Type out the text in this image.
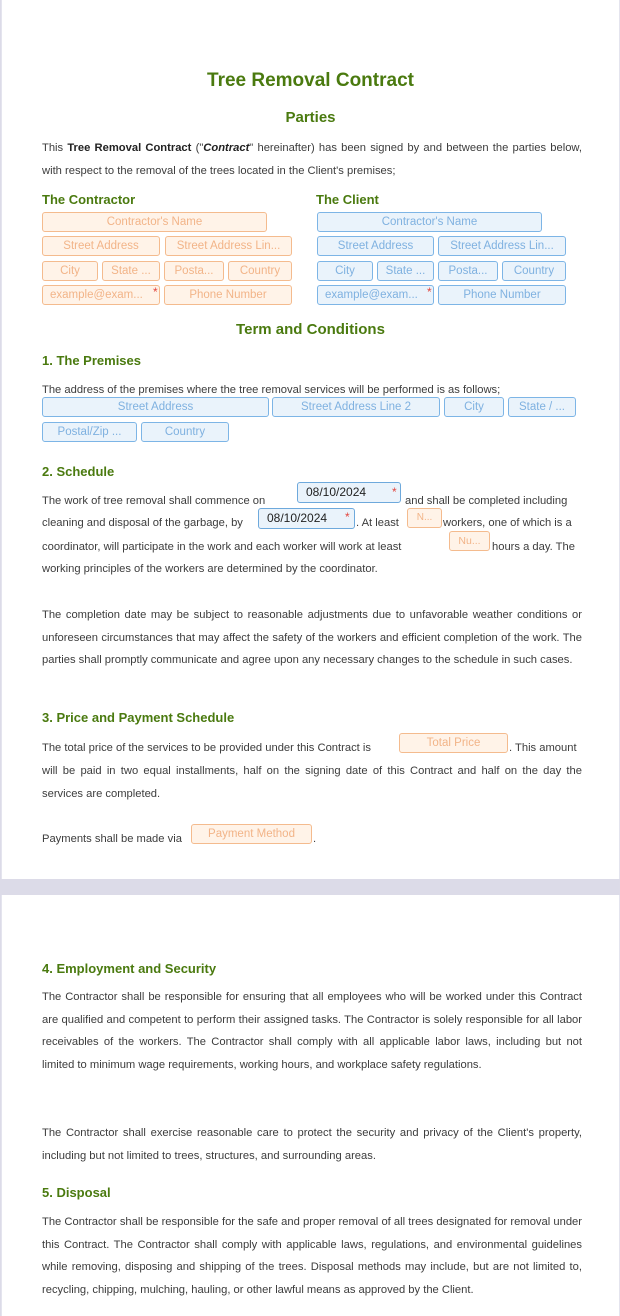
Tree Removal Contract
Parties
This Tree Removal Contract ("Contract" hereinafter) has been signed by and between the parties below, with respect to the removal of the trees located in the Client's premises;
The Contractor
Contractor's Name
Street Address	Street Address Lin...
City	State ...	Posta...	Country
example@exam... *	Phone Number
The Client
Contractor's Name
Street Address	Street Address Lin...
City	State ...	Posta...	Country
example@exam... *	Phone Number
Term and Conditions
1. The Premises
The address of the premises where the tree removal services will be performed is as follows;
Street Address	Street Address Line 2	City	State / ...
Postal/Zip ...	Country
2. Schedule
The work of tree removal shall commence on
08/10/2024	*
and shall be completed including
cleaning and disposal of the garbage, by	08/10/2024	* . At least	N... workers, one of which is a
coordinator, will participate in the work and each worker will work at least	Nu...	hours a day. The
working principles of the workers are determined by the coordinator.
The completion date may be subject to reasonable adjustments due to unfavorable weather conditions or unforeseen circumstances that may affect the safety of the workers and efficient completion of the work. The parties shall promptly communicate and agree upon any necessary changes to the schedule in such cases.
3. Price and Payment Schedule
The total price of the services to be provided under this Contract is	Total Price	. This amount
will be paid in two equal installments, half on the signing date of this Contract and half on the day the services are completed.
Payments shall be made via	Payment Method	.
4. Employment and Security
The Contractor shall be responsible for ensuring that all employees who will be worked under this Contract are qualified and competent to perform their assigned tasks. The Contractor is solely responsible for all labor receivables of the workers. The Contractor shall comply with all applicable labor laws, including but not limited to minimum wage requirements, working hours, and workplace safety regulations.
The Contractor shall exercise reasonable care to protect the security and privacy of the Client's property, including but not limited to trees, structures, and surrounding areas.
5. Disposal
The Contractor shall be responsible for the safe and proper removal of all trees designated for removal under this Contract. The Contractor shall comply with applicable laws, regulations, and environmental guidelines while removing, disposing and shipping of the trees. Disposal methods may include, but are not limited to, recycling, chipping, mulching, hauling, or other lawful means as approved by the Client.
